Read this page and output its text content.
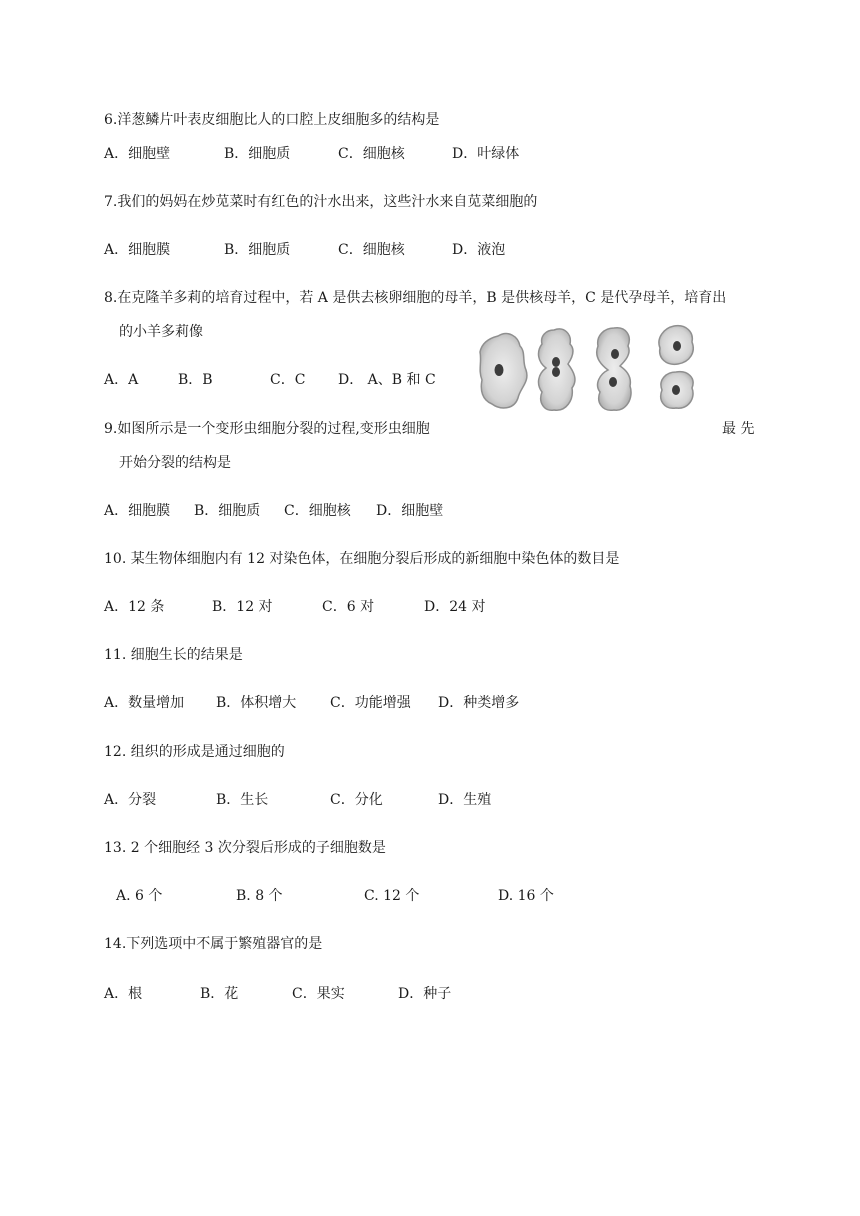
6.洋葱鳞片叶表皮细胞比人的口腔上皮细胞多的结构是
A．细胞壁	B．细胞质	C．细胞核	D．叶绿体
7.我们的妈妈在炒苋菜时有红色的汁水出来，这些汁水来自苋菜细胞的
A．细胞膜	B．细胞质	C．细胞核	D．液泡
8.在克隆羊多莉的培育过程中，若 A 是供去核卵细胞的母羊，B 是供核母羊，C 是代孕母羊，培育出
的小羊多莉像
A．A	B．B	C．C D． A、B 和 C
9.如图所示是一个变形虫细胞分裂的过程,变形虫细胞	最 先
开始分裂的结构是
A．细胞膜 B．细胞质 C．细胞核 D．细胞壁
10. 某生物体细胞内有 12 对染色体，在细胞分裂后形成的新细胞中染色体的数目是
A．12 条	B．12 对	C．6 对	D．24 对
11. 细胞生长的结果是
A．数量增加 B．体积增大 C．功能增强 D．种类增多
12. 组织的形成是通过细胞的
A．分裂	B．生长	C．分化	D．生殖
13. 2 个细胞经 3 次分裂后形成的子细胞数是
A. 6 个	B. 8 个	C. 12 个	D. 16 个
14.下列选项中不属于繁殖器官的是
A．根	B．花	C．果实	D．种子
